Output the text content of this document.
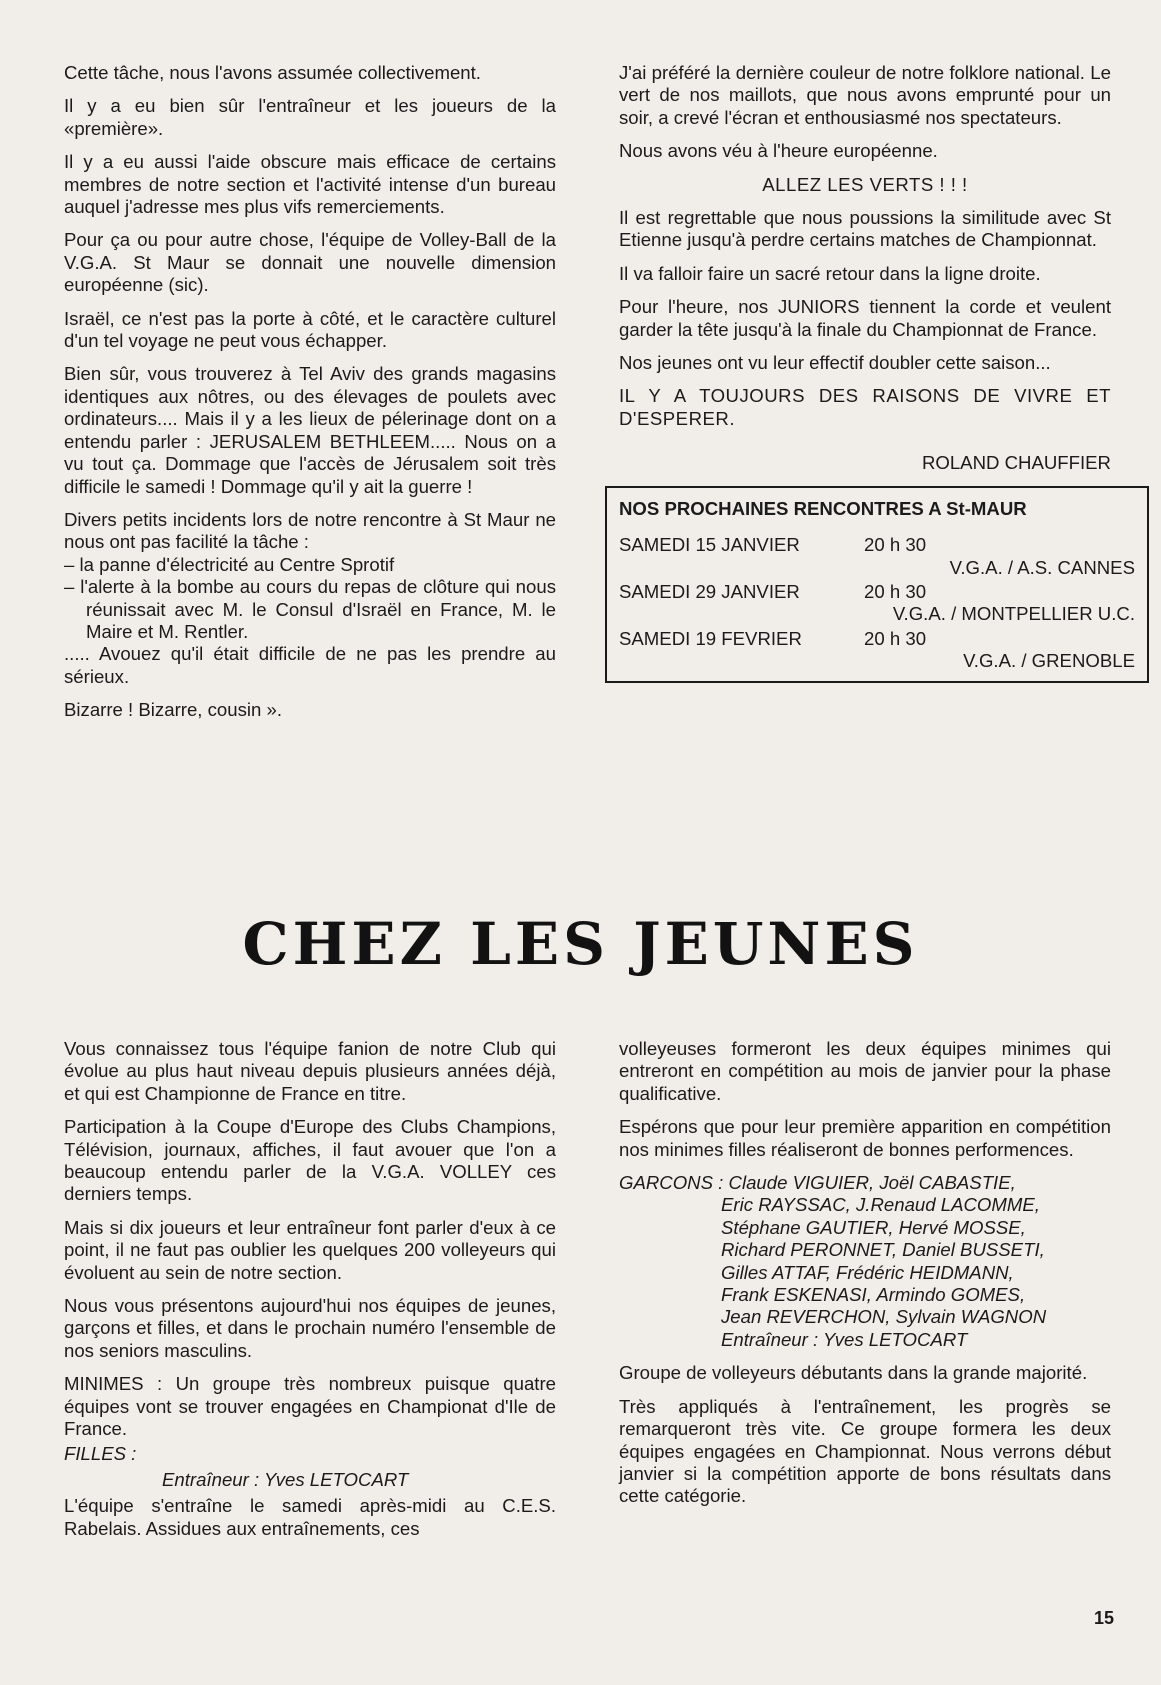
Cette tâche, nous l'avons assumée collectivement.

Il y a eu bien sûr l'entraîneur et les joueurs de la «première».

Il y a eu aussi l'aide obscure mais efficace de certains membres de notre section et l'activité intense d'un bureau auquel j'adresse mes plus vifs remerciements.

Pour ça ou pour autre chose, l'équipe de Volley-Ball de la V.G.A. St Maur se donnait une nouvelle dimension européenne (sic).

Israël, ce n'est pas la porte à côté, et le caractère culturel d'un tel voyage ne peut vous échapper.

Bien sûr, vous trouverez à Tel Aviv des grands magasins identiques aux nôtres, ou des élevages de poulets avec ordinateurs.... Mais il y a les lieux de pélerinage dont on a entendu parler : JERUSALEM BETHLEEM..... Nous on a vu tout ça. Dommage que l'accès de Jérusalem soit très difficile le samedi ! Dommage qu'il y ait la guerre !

Divers petits incidents lors de notre rencontre à St Maur ne nous ont pas facilité la tâche :

– la panne d'électricité au Centre Sprotif

– l'alerte à la bombe au cours du repas de clôture qui nous réunissait avec M. le Consul d'Israël en France, M. le Maire et M. Rentler.

..... Avouez qu'il était difficile de ne pas les prendre au sérieux.

Bizarre ! Bizarre, cousin ».

J'ai préféré la dernière couleur de notre folklore national. Le vert de nos maillots, que nous avons emprunté pour un soir, a crevé l'écran et enthousiasmé nos spectateurs.

Nous avons véu à l'heure européenne.

ALLEZ LES VERTS ! ! !

Il est regrettable que nous poussions la similitude avec St Etienne jusqu'à perdre certains matches de Championnat.

Il va falloir faire un sacré retour dans la ligne droite.

Pour l'heure, nos JUNIORS tiennent la corde et veulent garder la tête jusqu'à la finale du Championnat de France.

Nos jeunes ont vu leur effectif doubler cette saison...

IL Y A TOUJOURS DES RAISONS DE VIVRE ET D'ESPERER.

ROLAND CHAUFFIER

NOS PROCHAINES RENCONTRES A St-MAUR
SAMEDI 15 JANVIER	20 h 30
V.G.A. / A.S. CANNES
SAMEDI 29 JANVIER	20 h 30
V.G.A. / MONTPELLIER U.C.
SAMEDI 19 FEVRIER	20 h 30
V.G.A. / GRENOBLE
CHEZ LES JEUNES

Vous connaissez tous l'équipe fanion de notre Club qui évolue au plus haut niveau depuis plusieurs années déjà, et qui est Championne de France en titre.

Participation à la Coupe d'Europe des Clubs Champions, Télévision, journaux, affiches, il faut avouer que l'on a beaucoup entendu parler de la V.G.A. VOLLEY ces derniers temps.

Mais si dix joueurs et leur entraîneur font parler d'eux à ce point, il ne faut pas oublier les quelques 200 volleyeurs qui évoluent au sein de notre section.

Nous vous présentons aujourd'hui nos équipes de jeunes, garçons et filles, et dans le prochain numéro l'ensemble de nos seniors masculins.

MINIMES : Un groupe très nombreux puisque quatre équipes vont se trouver engagées en Championat d'Ile de France.

FILLES :

Entraîneur : Yves LETOCART

L'équipe s'entraîne le samedi après-midi au C.E.S. Rabelais. Assidues aux entraînements, ces

volleyeuses formeront les deux équipes minimes qui entreront en compétition au mois de janvier pour la phase qualificative.

Espérons que pour leur première apparition en compétition nos minimes filles réaliseront de bonnes performences.

GARCONS : Claude VIGUIER, Joël CABASTIE,

Eric RAYSSAC, J.Renaud LACOMME,
Stéphane GAUTIER, Hervé MOSSE,
Richard PERONNET, Daniel BUSSETI,
Gilles ATTAF, Frédéric HEIDMANN,
Frank ESKENASI, Armindo GOMES,
Jean REVERCHON, Sylvain WAGNON
Entraîneur : Yves LETOCART

Groupe de volleyeurs débutants dans la grande majorité.

Très appliqués à l'entraînement, les progrès se remarqueront très vite. Ce groupe formera les deux équipes engagées en Championnat. Nous verrons début janvier si la compétition apporte de bons résultats dans cette catégorie.

15
